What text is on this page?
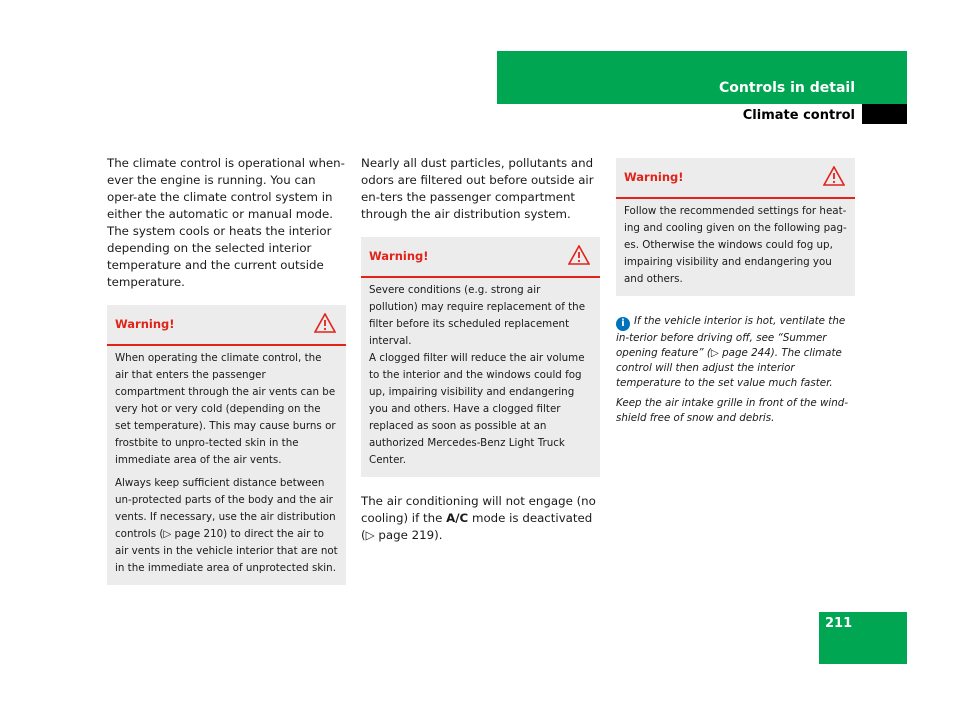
Controls in detail
Climate control

The climate control is operational when-ever the engine is running. You can oper-ate the climate control system in either the automatic or manual mode. The system cools or heats the interior depending on the selected interior temperature and the current outside temperature.

Warning!

When operating the climate control, the air that enters the passenger compartment through the air vents can be very hot or very cold (depending on the set temperature). This may cause burns or frostbite to unpro-tected skin in the immediate area of the air vents.

Always keep sufficient distance between un-protected parts of the body and the air vents. If necessary, use the air distribution controls (▷ page 210) to direct the air to air vents in the vehicle interior that are not in the immediate area of unprotected skin.

Nearly all dust particles, pollutants and odors are filtered out before outside air en-ters the passenger compartment through the air distribution system.

Warning!

Severe conditions (e.g. strong air pollution) may require replacement of the filter before its scheduled replacement interval.

A clogged filter will reduce the air volume to the interior and the windows could fog up, impairing visibility and endangering you and others. Have a clogged filter replaced as soon as possible at an authorized Mercedes-Benz Light Truck Center.

The air conditioning will not engage (no cooling) if the A/C mode is deactivated (▷ page 219).

Warning!

Follow the recommended settings for heat-ing and cooling given on the following pag-es. Otherwise the windows could fog up, impairing visibility and endangering you and others.

i If the vehicle interior is hot, ventilate the in-terior before driving off, see “Summer opening feature” (▷ page 244). The climate control will then adjust the interior temperature to the set value much faster.

Keep the air intake grille in front of the wind-shield free of snow and debris.

211
